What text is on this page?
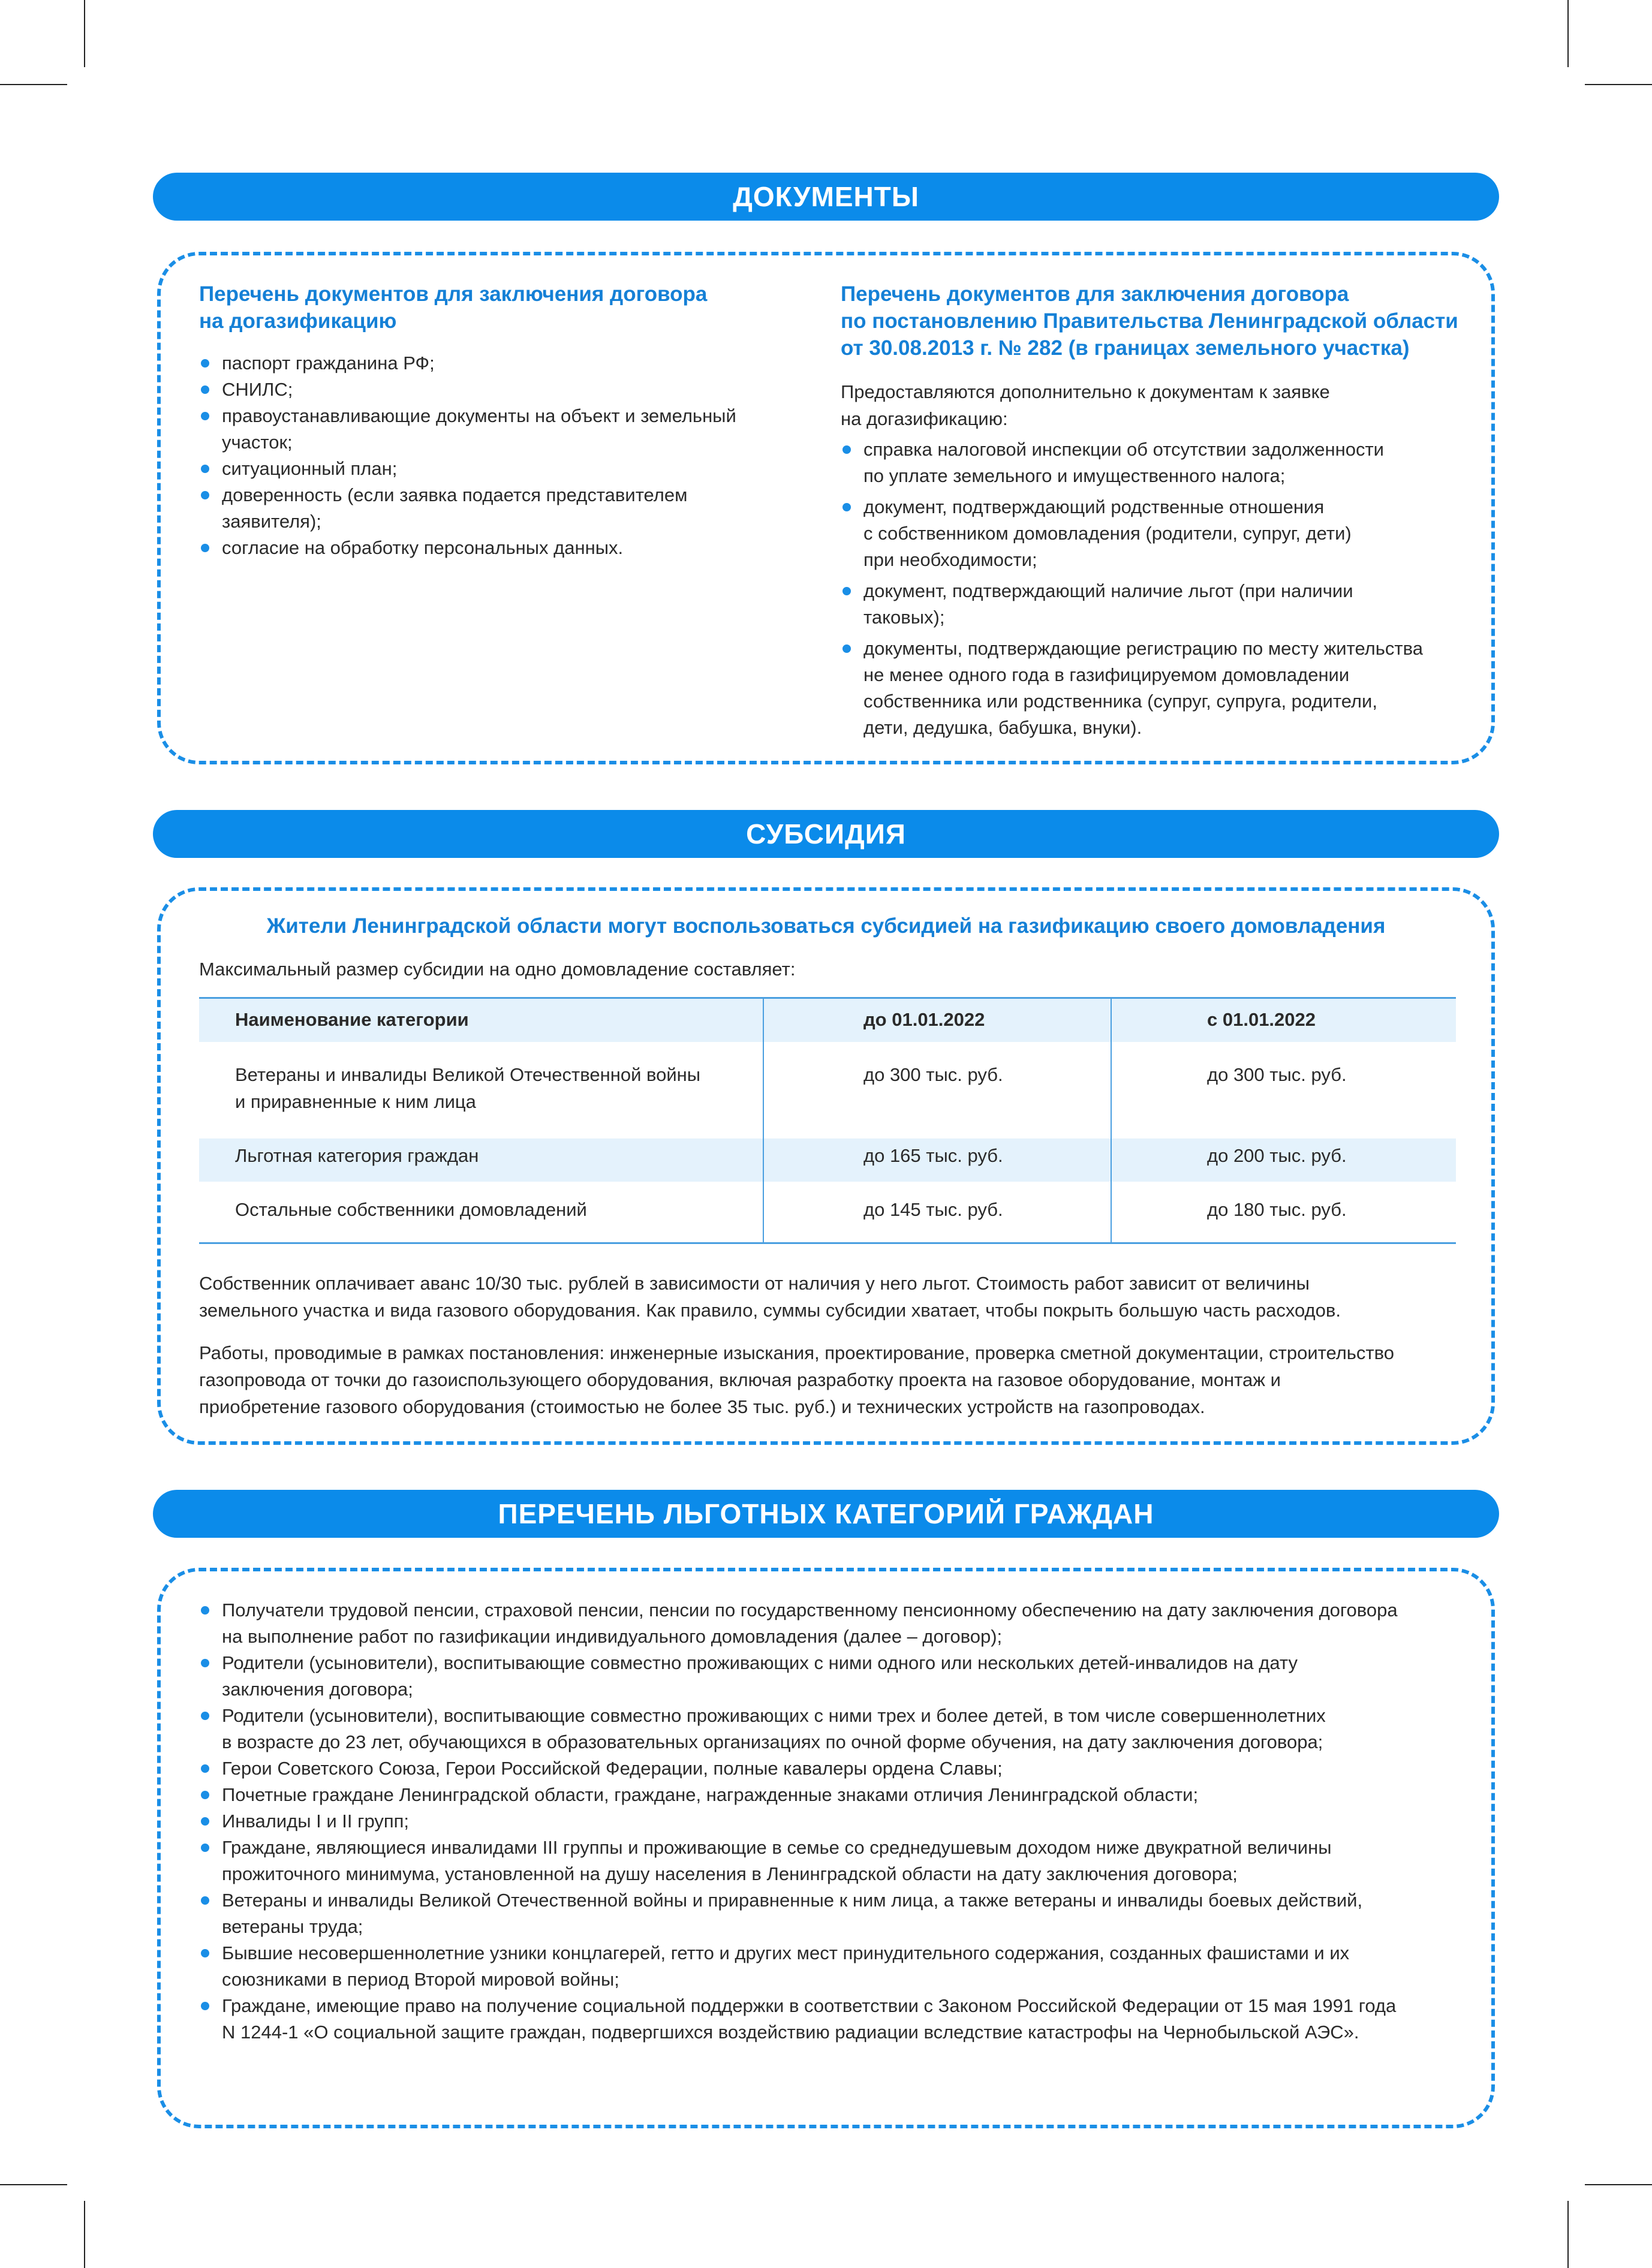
ДОКУМЕНТЫ
Перечень документов для заключения договора
на догазификацию
паспорт гражданина РФ;
СНИЛС;
правоустанавливающие документы на объект и земельный
участок;
ситуационный план;
доверенность (если заявка подается представителем
заявителя);
согласие на обработку персональных данных.
Перечень документов для заключения договора
по постановлению Правительства Ленинградской области
от 30.08.2013 г. № 282 (в границах земельного участка)
Предоставляются дополнительно к документам к заявке
на догазификацию:
справка налоговой инспекции об отсутствии задолженности
по уплате земельного и имущественного налога;
документ, подтверждающий родственные отношения
с собственником домовладения (родители, супруг, дети)
при необходимости;
документ, подтверждающий наличие льгот (при наличии
таковых);
документы, подтверждающие регистрацию по месту жительства
не менее одного года в газифицируемом домовладении
собственника или родственника (супруг, супруга, родители,
дети, дедушка, бабушка, внуки).
СУБСИДИЯ
Жители Ленинградской области могут воспользоваться субсидией на газификацию своего домовладения
Максимальный размер субсидии на одно домовладение составляет:
Наименование категории	до 01.01.2022	с 01.01.2022
Ветераны и инвалиды Великой Отечественной войны
и приравненные к ним лица
до 300 тыс. руб.	до 300 тыс. руб.
Льготная категория граждан	до 165 тыс. руб.	до 200 тыс. руб.
Остальные собственники домовладений	до 145 тыс. руб.	до 180 тыс. руб.
Собственник оплачивает аванс 10/30 тыс. рублей в зависимости от наличия у него льгот. Стоимость работ зависит от величины
земельного участка и вида газового оборудования. Как правило, суммы субсидии хватает, чтобы покрыть большую часть расходов.
Работы, проводимые в рамках постановления: инженерные изыскания, проектирование, проверка сметной документации, строительство
газопровода от точки до газоиспользующего оборудования, включая разработку проекта на газовое оборудование, монтаж и
приобретение газового оборудования (стоимостью не более 35 тыс. руб.) и технических устройств на газопроводах.
ПЕРЕЧЕНЬ ЛЬГОТНЫХ КАТЕГОРИЙ ГРАЖДАН
Получатели трудовой пенсии, страховой пенсии, пенсии по государственному пенсионному обеспечению на дату заключения договора
на выполнение работ по газификации индивидуального домовладения (далее – договор);
Родители (усыновители), воспитывающие совместно проживающих с ними одного или нескольких детей-инвалидов на дату
заключения договора;
Родители (усыновители), воспитывающие совместно проживающих с ними трех и более детей, в том числе совершеннолетних
в возрасте до 23 лет, обучающихся в образовательных организациях по очной форме обучения, на дату заключения договора;
Герои Советского Союза, Герои Российской Федерации, полные кавалеры ордена Славы;
Почетные граждане Ленинградской области, граждане, награжденные знаками отличия Ленинградской области;
Инвалиды I и II групп;
Граждане, являющиеся инвалидами III группы и проживающие в семье со среднедушевым доходом ниже двукратной величины
прожиточного минимума, установленной на душу населения в Ленинградской области на дату заключения договора;
Ветераны и инвалиды Великой Отечественной войны и приравненные к ним лица, а также ветераны и инвалиды боевых действий,
ветераны труда;
Бывшие несовершеннолетние узники концлагерей, гетто и других мест принудительного содержания, созданных фашистами и их
союзниками в период Второй мировой войны;
Граждане, имеющие право на получение социальной поддержки в соответствии с Законом Российской Федерации от 15 мая 1991 года
N 1244-1 «О социальной защите граждан, подвергшихся воздействию радиации вследствие катастрофы на Чернобыльской АЭС».
